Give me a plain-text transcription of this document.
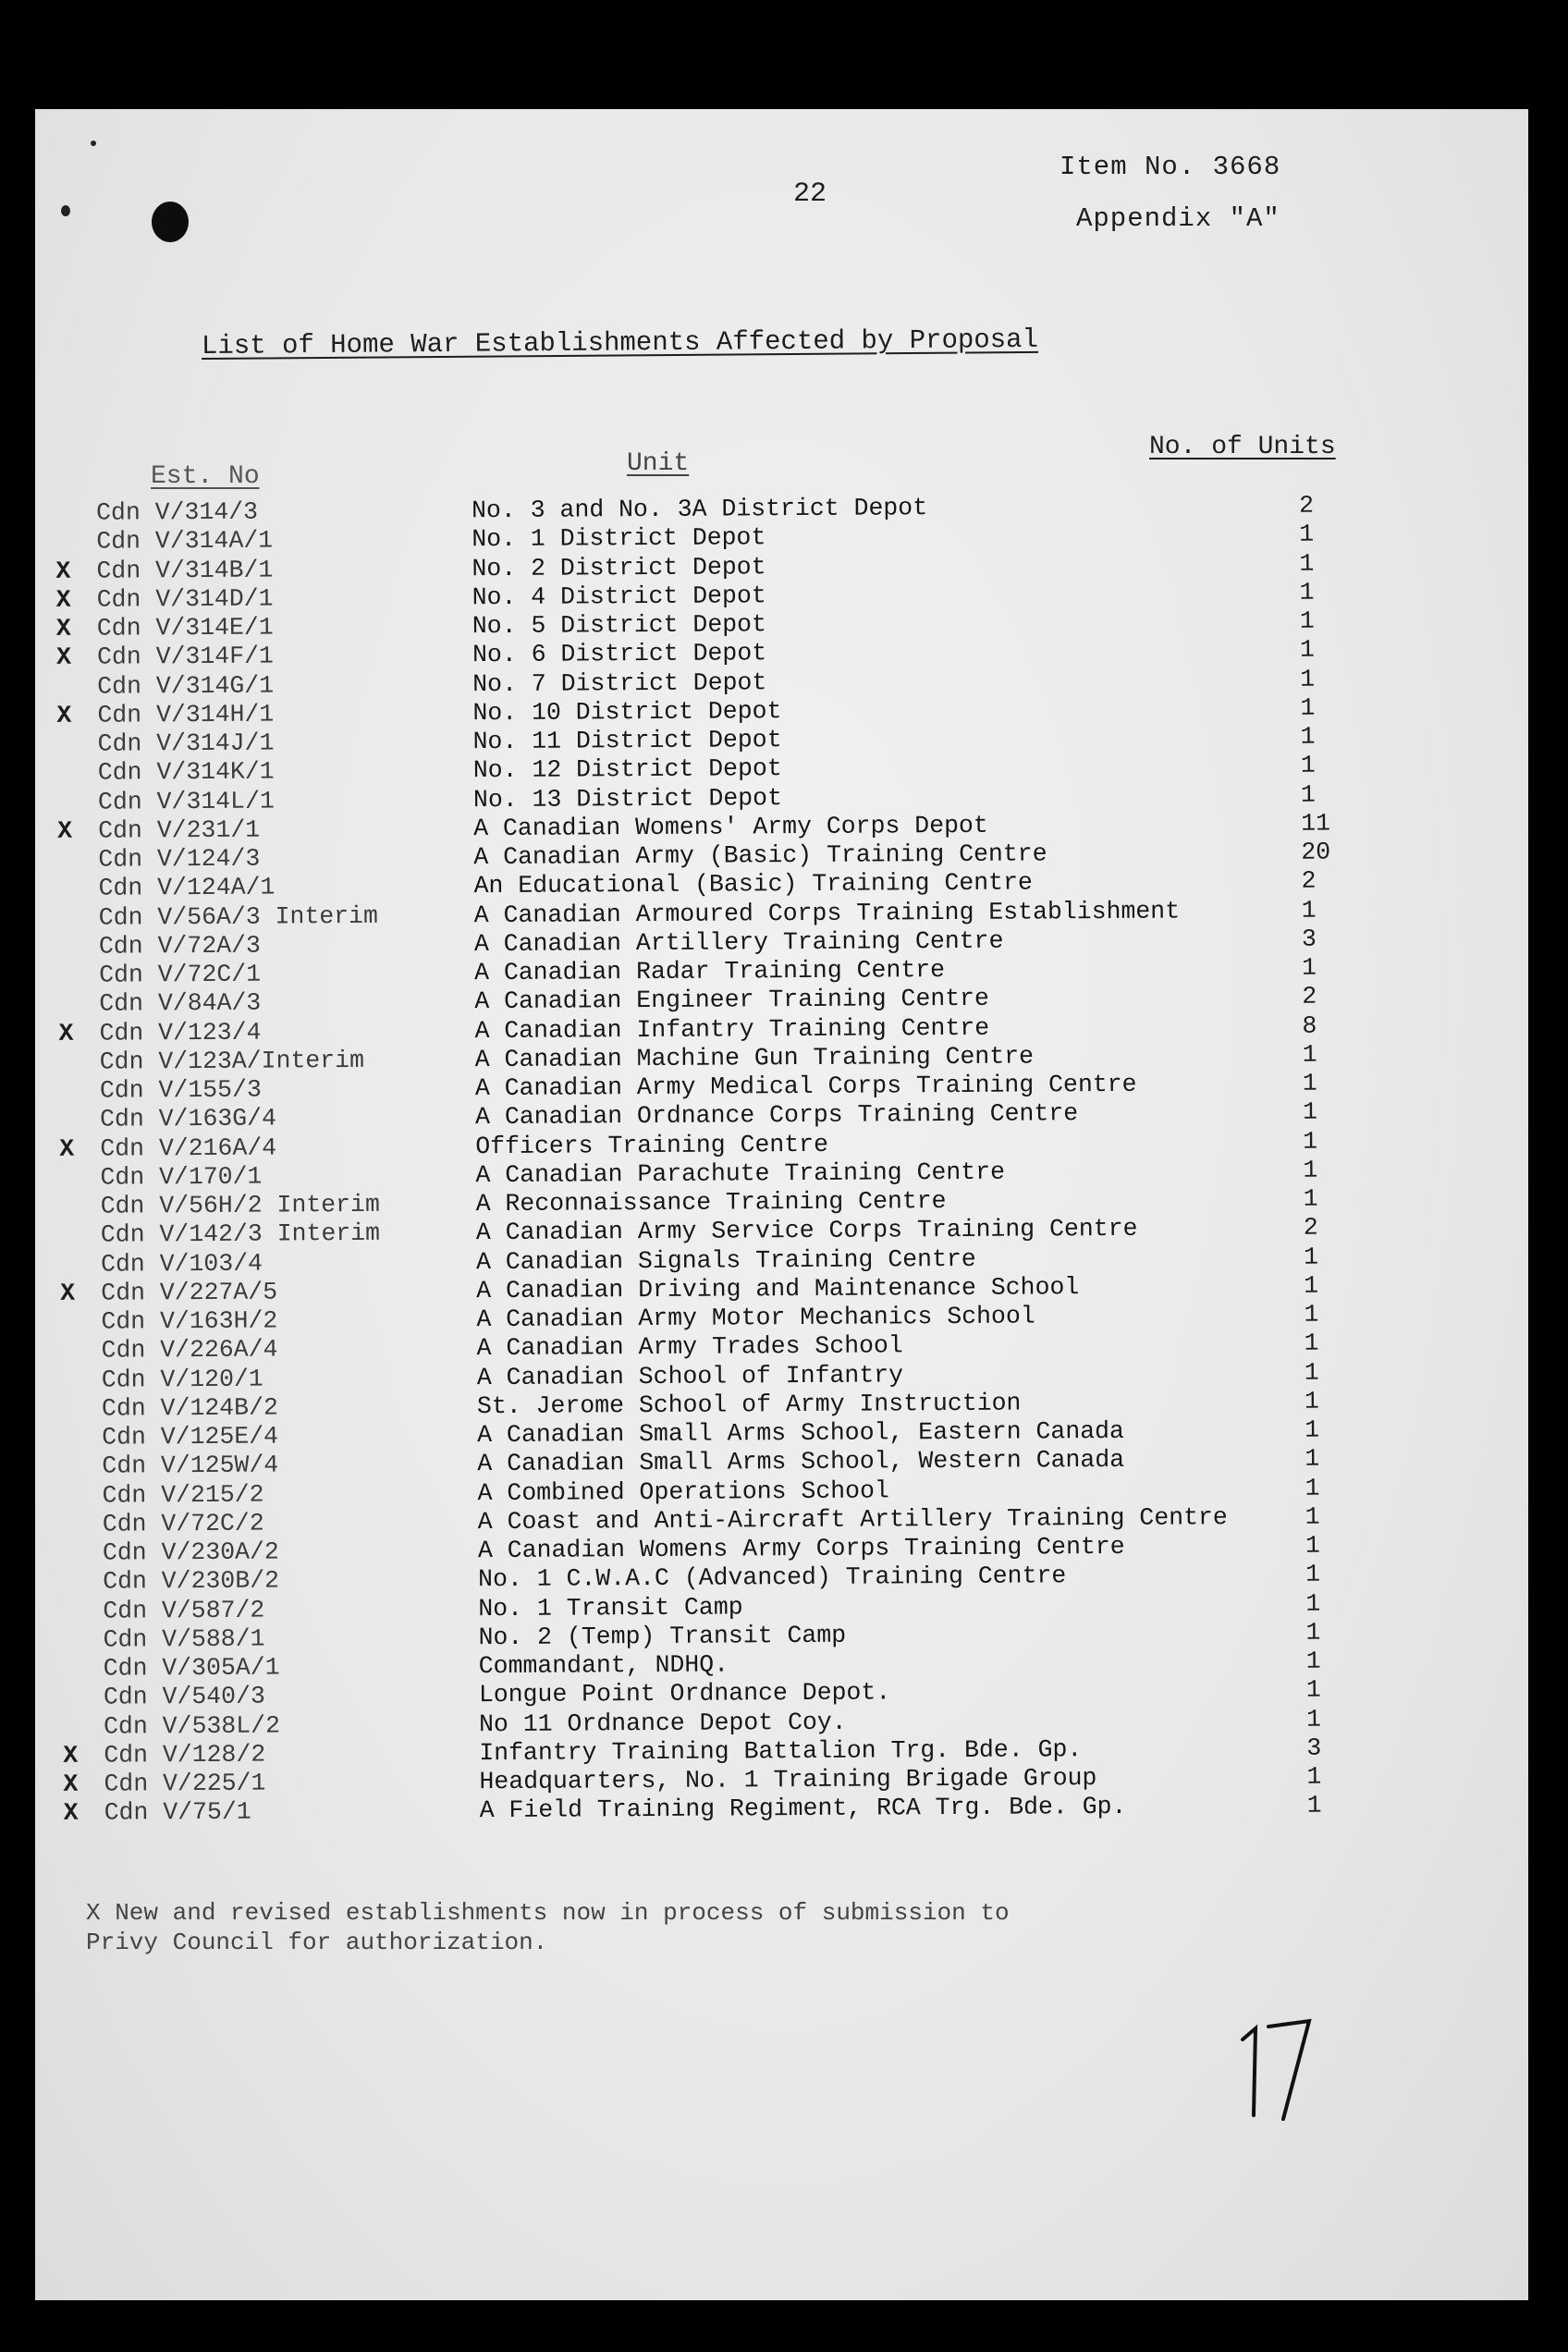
22
Item No. 3668
Appendix "A"
List of Home War Establishments Affected by Proposal
Est. No	Unit
No. of Units
Cdn V/314/3	No. 3 and No. 3A District Depot	2
Cdn V/314A/1	No. 1 District Depot	1
X Cdn V/314B/1	No. 2 District Depot	1
X Cdn V/314D/1	No. 4 District Depot	1
X Cdn V/314E/1	No. 5 District Depot	1
X Cdn V/314F/1	No. 6 District Depot	1
Cdn V/314G/1	No. 7 District Depot	1
X Cdn V/314H/1	No. 10 District Depot	1
Cdn V/314J/1	No. 11 District Depot	1
Cdn V/314K/1	No. 12 District Depot	1
Cdn V/314L/1	No. 13 District Depot	1
X Cdn V/231/1	A Canadian Womens' Army Corps Depot	11
Cdn V/124/3	A Canadian Army (Basic) Training Centre	20
Cdn V/124A/1	An Educational (Basic) Training Centre	2
Cdn V/56A/3 Interim	A Canadian Armoured Corps Training Establishment	1
Cdn V/72A/3	A Canadian Artillery Training Centre	3
Cdn V/72C/1	A Canadian Radar Training Centre	1
Cdn V/84A/3	A Canadian Engineer Training Centre	2
X Cdn V/123/4	A Canadian Infantry Training Centre	8
Cdn V/123A/Interim	A Canadian Machine Gun Training Centre	1
Cdn V/155/3	A Canadian Army Medical Corps Training Centre	1
Cdn V/163G/4	A Canadian Ordnance Corps Training Centre	1
X Cdn V/216A/4	Officers Training Centre	1
Cdn V/170/1	A Canadian Parachute Training Centre	1
Cdn V/56H/2 Interim	A Reconnaissance Training Centre	1
Cdn V/142/3 Interim	A Canadian Army Service Corps Training Centre	2
Cdn V/103/4	A Canadian Signals Training Centre	1
X Cdn V/227A/5	A Canadian Driving and Maintenance School	1
Cdn V/163H/2	A Canadian Army Motor Mechanics School	1
Cdn V/226A/4	A Canadian Army Trades School	1
Cdn V/120/1	A Canadian School of Infantry	1
Cdn V/124B/2	St. Jerome School of Army Instruction	1
Cdn V/125E/4	A Canadian Small Arms School, Eastern Canada	1
Cdn V/125W/4	A Canadian Small Arms School, Western Canada	1
Cdn V/215/2	A Combined Operations School	1
Cdn V/72C/2	A Coast and Anti-Aircraft Artillery Training Centre	1
Cdn V/230A/2	A Canadian Womens Army Corps Training Centre	1
Cdn V/230B/2	No. 1 C.W.A.C (Advanced) Training Centre	1
Cdn V/587/2	No. 1 Transit Camp	1
Cdn V/588/1	No. 2 (Temp) Transit Camp	1
Cdn V/305A/1	Commandant, NDHQ.	1
Cdn V/540/3	Longue Point Ordnance Depot.	1
Cdn V/538L/2	No 11 Ordnance Depot Coy.	1
X Cdn V/128/2	Infantry Training Battalion Trg. Bde. Gp.	3
X Cdn V/225/1	Headquarters, No. 1 Training Brigade Group	1
X Cdn V/75/1	A Field Training Regiment, RCA Trg. Bde. Gp.	1
X New and revised establishments now in process of submission to
Privy Council for authorization.
